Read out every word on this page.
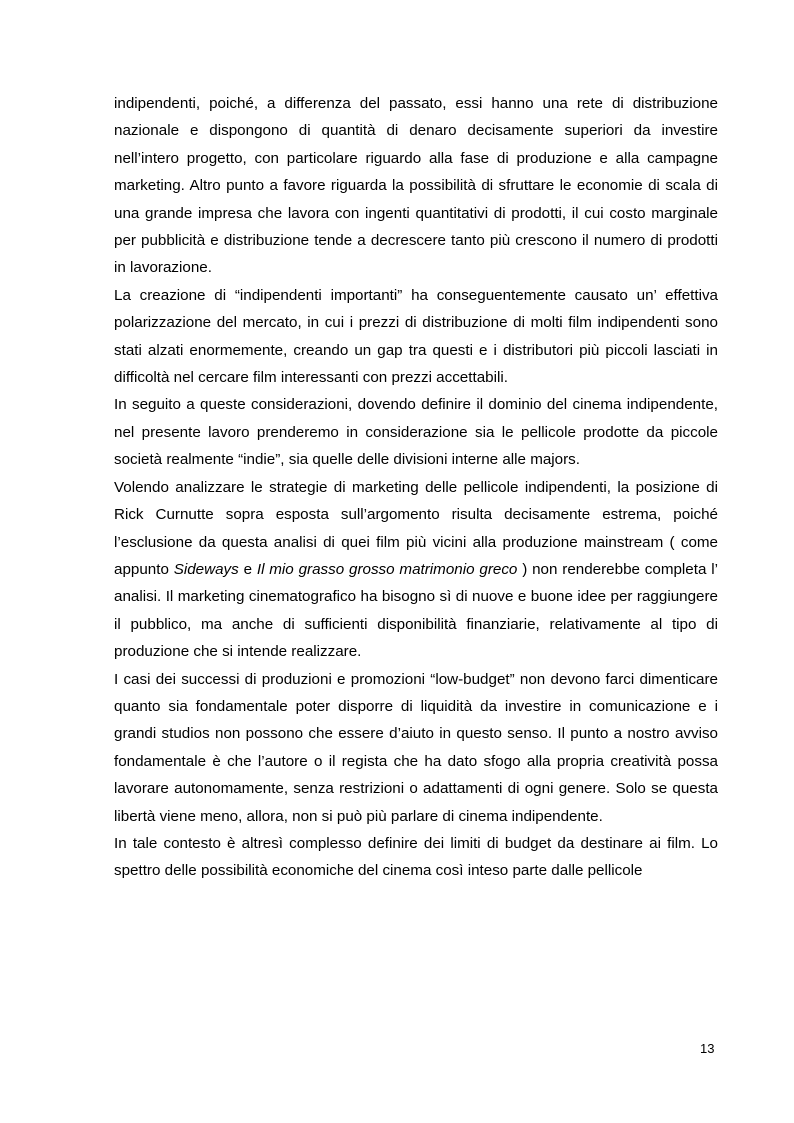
indipendenti, poiché, a differenza del passato, essi hanno una rete di distribuzione nazionale e dispongono di quantità di denaro decisamente superiori da investire nell’intero progetto, con particolare riguardo alla fase di produzione e alla campagne marketing. Altro punto a favore riguarda la possibilità di sfruttare le economie di scala di una grande impresa che lavora con ingenti quantitativi di prodotti, il cui costo marginale per pubblicità e distribuzione tende a decrescere tanto più crescono il numero di prodotti in lavorazione.

La creazione di “indipendenti importanti” ha conseguentemente causato un’ effettiva polarizzazione del mercato, in cui i prezzi di distribuzione di molti film indipendenti sono stati alzati enormemente, creando un gap tra questi e i distributori più piccoli lasciati in difficoltà nel cercare film interessanti con prezzi accettabili.

In seguito a queste considerazioni, dovendo definire il dominio del cinema indipendente, nel presente lavoro prenderemo in considerazione sia le pellicole prodotte da piccole società realmente “indie”, sia quelle delle divisioni interne alle majors.

Volendo analizzare le strategie di marketing delle pellicole indipendenti, la posizione di Rick Curnutte sopra esposta sull’argomento risulta decisamente estrema, poiché l’esclusione da questa analisi di quei film più vicini alla produzione mainstream ( come appunto Sideways e Il mio grasso grosso matrimonio greco ) non renderebbe completa l’ analisi. Il marketing cinematografico ha bisogno sì di nuove e buone idee per raggiungere il pubblico, ma anche di sufficienti disponibilità finanziarie, relativamente al tipo di produzione che si intende realizzare.

I casi dei successi di produzioni e promozioni “low-budget” non devono farci dimenticare quanto sia fondamentale poter disporre di liquidità da investire in comunicazione e i grandi studios non possono che essere d’aiuto in questo senso. Il punto a nostro avviso fondamentale è che l’autore o il regista che ha dato sfogo alla propria creatività possa lavorare autonomamente, senza restrizioni o adattamenti di ogni genere. Solo se questa libertà viene meno, allora, non si può più parlare di cinema indipendente.

In tale contesto è altresì complesso definire dei limiti di budget da destinare ai film. Lo spettro delle possibilità economiche del cinema così inteso parte dalle pellicole

13
